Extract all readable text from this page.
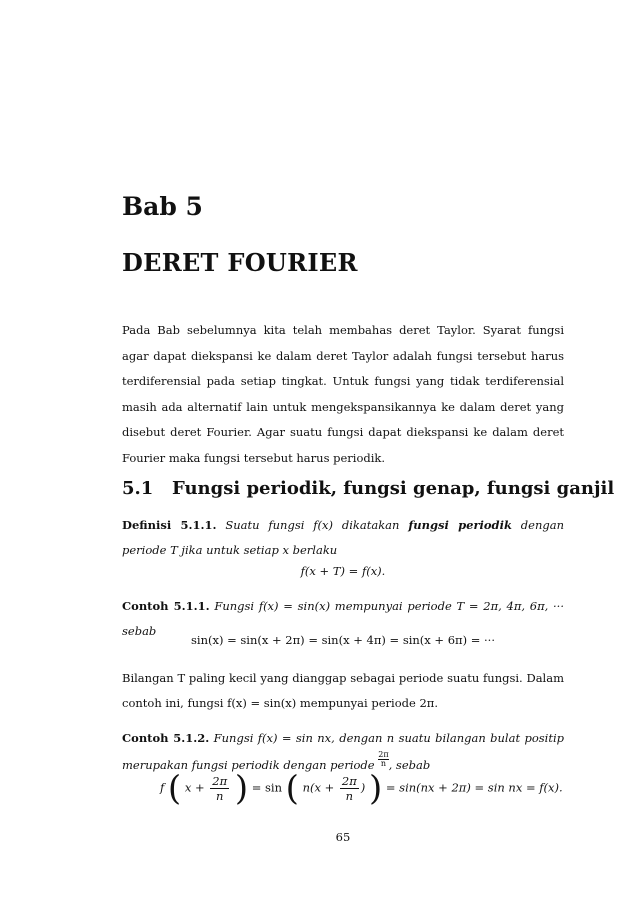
Bab 5
DERET FOURIER

Pada Bab sebelumnya kita telah membahas deret Taylor. Syarat fungsi agar dapat diekspansi ke dalam deret Taylor adalah fungsi tersebut harus terdiferensial pada setiap tingkat. Untuk fungsi yang tidak terdiferensial masih ada alternatif lain untuk mengekspansikannya ke dalam deret yang disebut deret Fourier. Agar suatu fungsi dapat diekspansi ke dalam deret Fourier maka fungsi tersebut harus periodik.

5.1 Fungsi periodik, fungsi genap, fungsi ganjil
Definisi 5.1.1. Suatu fungsi f(x) dikatakan fungsi periodik dengan periode T jika untuk setiap x berlaku
f(x + T) = f(x).
Contoh 5.1.1. Fungsi f(x) = sin(x) mempunyai periode T = 2π, 4π, 6π, ··· sebab
sin(x) = sin(x + 2π) = sin(x + 4π) = sin(x + 6π) = ···
Bilangan T paling kecil yang dianggap sebagai periode suatu fungsi. Dalam contoh ini, fungsi f(x) = sin(x) mempunyai periode 2π.
Contoh 5.1.2. Fungsi f(x) = sin nx, dengan n suatu bilangan bulat positip merupakan fungsi periodik dengan periode $\frac{2\pi}{n}$ , sebab
f ( $x + \frac{2\pi}{n}$ ) = sin ( $n(x + \frac{2\pi}{n}$ ) ) = sin(nx + 2π) = sin nx = f(x).
65
